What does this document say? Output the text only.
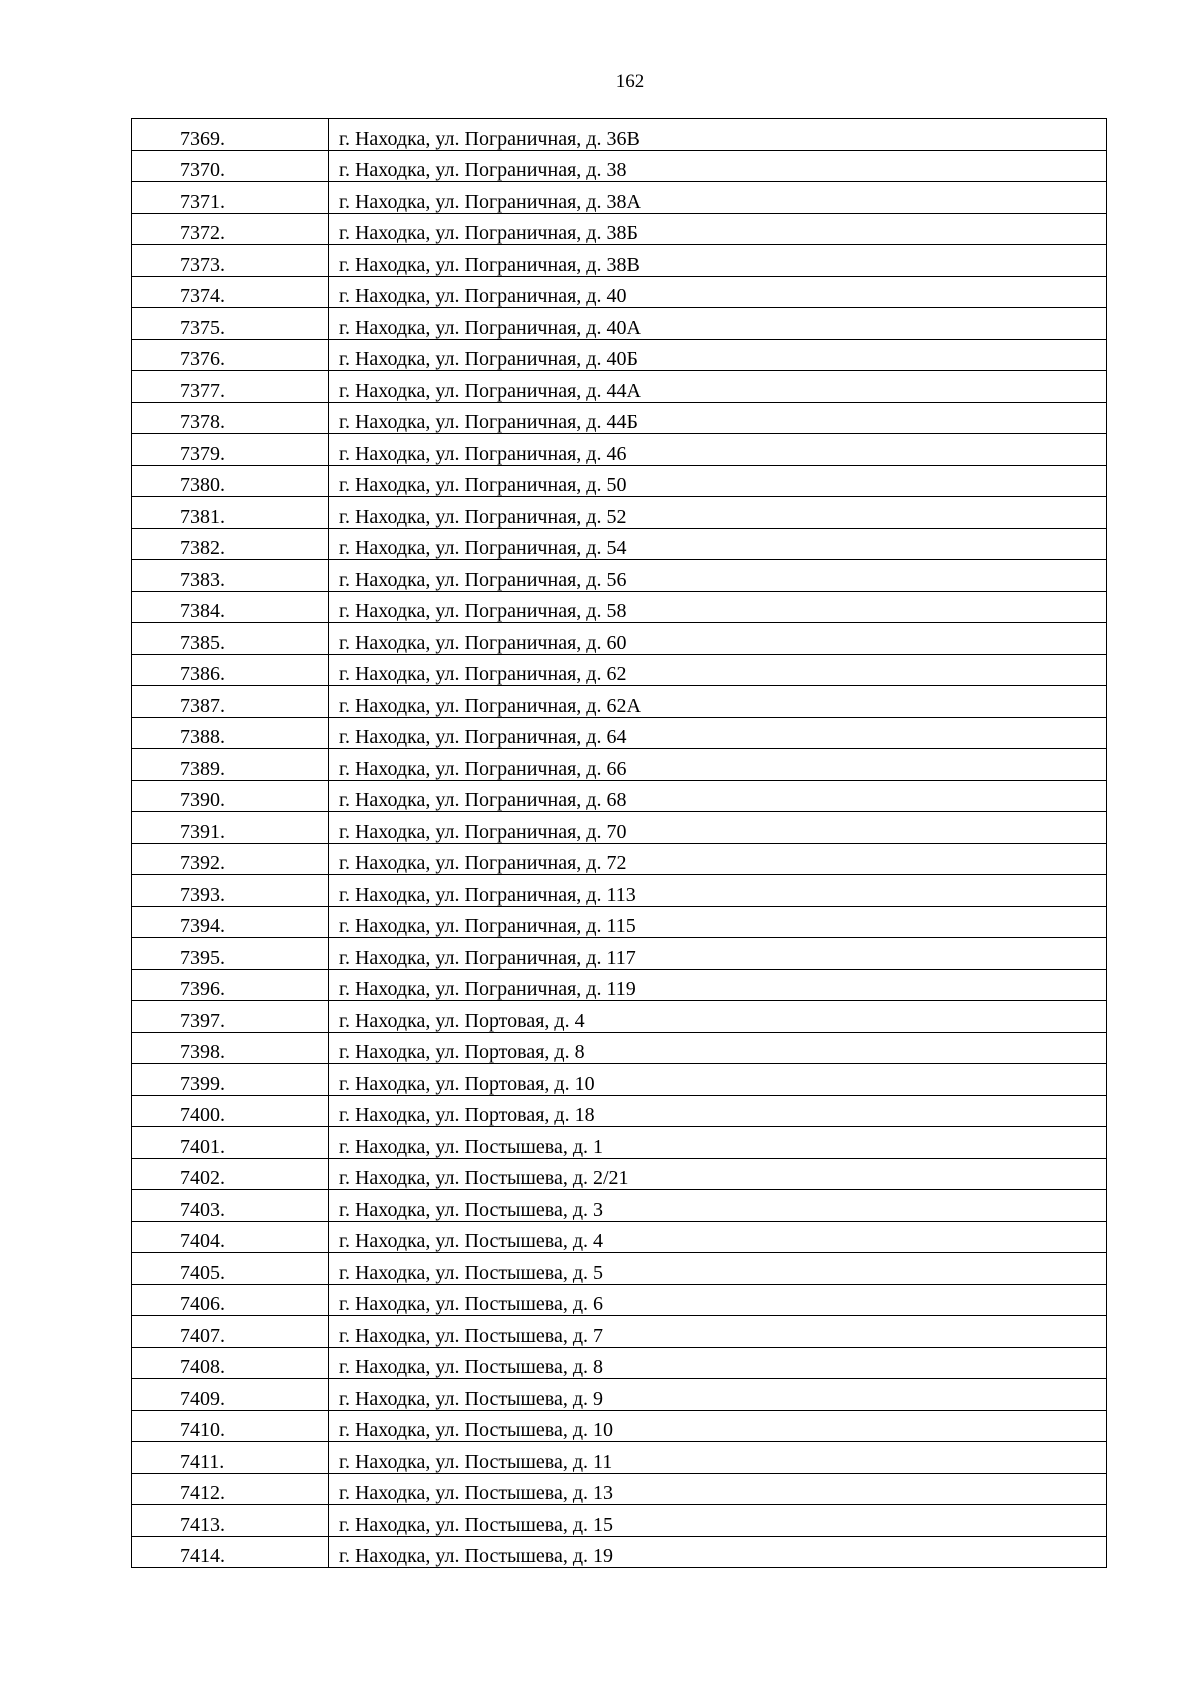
162
7369.	г. Находка, ул. Пограничная, д. 36В
7370.	г. Находка, ул. Пограничная, д. 38
7371.	г. Находка, ул. Пограничная, д. 38А
7372.	г. Находка, ул. Пограничная, д. 38Б
7373.	г. Находка, ул. Пограничная, д. 38В
7374.	г. Находка, ул. Пограничная, д. 40
7375.	г. Находка, ул. Пограничная, д. 40А
7376.	г. Находка, ул. Пограничная, д. 40Б
7377.	г. Находка, ул. Пограничная, д. 44А
7378.	г. Находка, ул. Пограничная, д. 44Б
7379.	г. Находка, ул. Пограничная, д. 46
7380.	г. Находка, ул. Пограничная, д. 50
7381.	г. Находка, ул. Пограничная, д. 52
7382.	г. Находка, ул. Пограничная, д. 54
7383.	г. Находка, ул. Пограничная, д. 56
7384.	г. Находка, ул. Пограничная, д. 58
7385.	г. Находка, ул. Пограничная, д. 60
7386.	г. Находка, ул. Пограничная, д. 62
7387.	г. Находка, ул. Пограничная, д. 62А
7388.	г. Находка, ул. Пограничная, д. 64
7389.	г. Находка, ул. Пограничная, д. 66
7390.	г. Находка, ул. Пограничная, д. 68
7391.	г. Находка, ул. Пограничная, д. 70
7392.	г. Находка, ул. Пограничная, д. 72
7393.	г. Находка, ул. Пограничная, д. 113
7394.	г. Находка, ул. Пограничная, д. 115
7395.	г. Находка, ул. Пограничная, д. 117
7396.	г. Находка, ул. Пограничная, д. 119
7397.	г. Находка, ул. Портовая, д. 4
7398.	г. Находка, ул. Портовая, д. 8
7399.	г. Находка, ул. Портовая, д. 10
7400.	г. Находка, ул. Портовая, д. 18
7401.	г. Находка, ул. Постышева, д. 1
7402.	г. Находка, ул. Постышева, д. 2/21
7403.	г. Находка, ул. Постышева, д. 3
7404.	г. Находка, ул. Постышева, д. 4
7405.	г. Находка, ул. Постышева, д. 5
7406.	г. Находка, ул. Постышева, д. 6
7407.	г. Находка, ул. Постышева, д. 7
7408.	г. Находка, ул. Постышева, д. 8
7409.	г. Находка, ул. Постышева, д. 9
7410.	г. Находка, ул. Постышева, д. 10
7411.	г. Находка, ул. Постышева, д. 11
7412.	г. Находка, ул. Постышева, д. 13
7413.	г. Находка, ул. Постышева, д. 15
7414.	г. Находка, ул. Постышева, д. 19
